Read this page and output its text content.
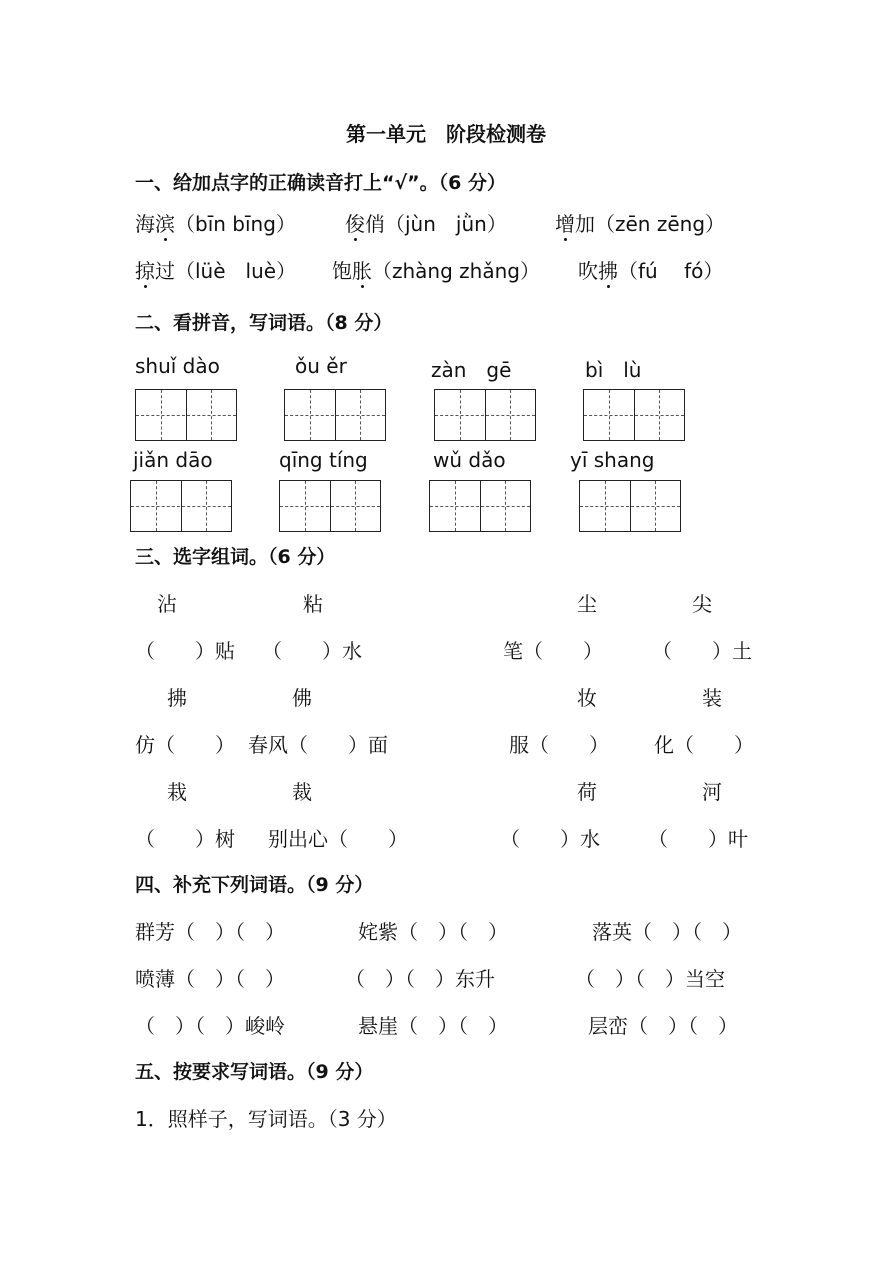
第一单元　阶段检测卷
一、给加点字的正确读音打上“√”。（6 分）
海滨（bīn bīng） 俊俏（jùn　jǜn） 增加（zēn zēng）
掠过（lüè　luè） 饱胀（zhàng zhǎng） 吹拂（fú　 fó）
二、看拼音，写词语。（8 分）
shuǐ dào	ǒu ěr	zàn　gē	bì　lù
jiǎn dāo	qīng tíng	wǔ dǎo	yī shang
三、选字组词。（6 分）
沾	粘	尘	尖
（　　）贴 （　　）水	笔（　　） （　　）土
拂	佛	妆	装
仿（　　） 春风（　　）面	服（　　） 化（　　）
栽	裁	荷	河
（　　）树 别出心（　　）	（　　）水 （　　）叶
四、补充下列词语。（9 分）
群芳（　）（　）	姹紫（　）（　）	落英（　）（　）
喷薄（　）（　）	（　）（　）东升	（　）（　）当空
（　）（　）峻岭	悬崖（　）（　）	层峦（　）（　）
五、按要求写词语。（9 分）
1．照样子，写词语。（3 分）
